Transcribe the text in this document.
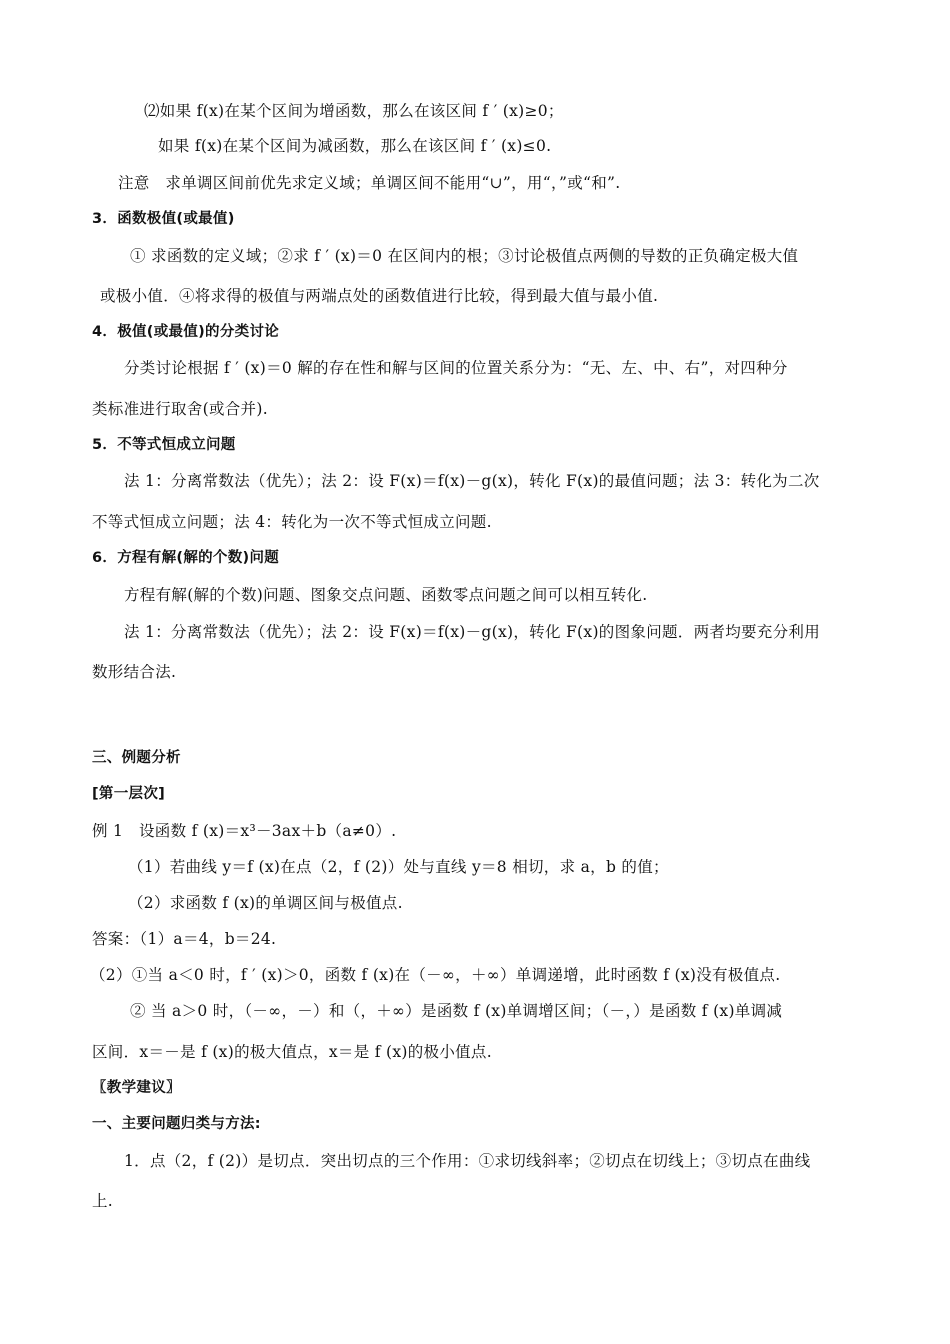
⑵如果 f(x)在某个区间为增函数，那么在该区间 f ′ (x)≥0；
如果 f(x)在某个区间为减函数，那么在该区间 f ′ (x)≤0.
注意　求单调区间前优先求定义域；单调区间不能用“∪”，用“，”或“和”.
3．函数极值(或最值)
① 求函数的定义域；②求 f ′ (x)＝0 在区间内的根；③讨论极值点两侧的导数的正负确定极大值
或极小值．④将求得的极值与两端点处的函数值进行比较，得到最大值与最小值.
4．极值(或最值)的分类讨论
分类讨论根据 f ′ (x)＝0 解的存在性和解与区间的位置关系分为：“无、左、中、右”，对四种分
类标准进行取舍(或合并).
5．不等式恒成立问题
法 1：分离常数法（优先）；法 2：设 F(x)＝f(x)－g(x)，转化 F(x)的最值问题；法 3：转化为二次
不等式恒成立问题；法 4：转化为一次不等式恒成立问题.
6．方程有解(解的个数)问题
方程有解(解的个数)问题、图象交点问题、函数零点问题之间可以相互转化.
法 1：分离常数法（优先）；法 2：设 F(x)＝f(x)－g(x)，转化 F(x)的图象问题．两者均要充分利用
数形结合法.
三、例题分析
[第一层次]
例 1　设函数 f (x)＝x³－3ax＋b（a≠0）.
（1）若曲线 y＝f (x)在点（2，f (2)）处与直线 y＝8 相切，求 a，b 的值；
（2）求函数 f (x)的单调区间与极值点.
答案：（1）a＝4，b＝24.
（2）①当 a＜0 时，f ′ (x)＞0，函数 f (x)在（－∞，＋∞）单调递增，此时函数 f (x)没有极值点.
② 当 a＞0 时，（－∞，－）和（，＋∞）是函数 f (x)单调增区间；（－，）是函数 f (x)单调减
区间．x＝－是 f (x)的极大值点，x＝是 f (x)的极小值点.
〖教学建议〗
一、主要问题归类与方法:
1．点（2，f (2)）是切点．突出切点的三个作用：①求切线斜率；②切点在切线上；③切点在曲线
上.
